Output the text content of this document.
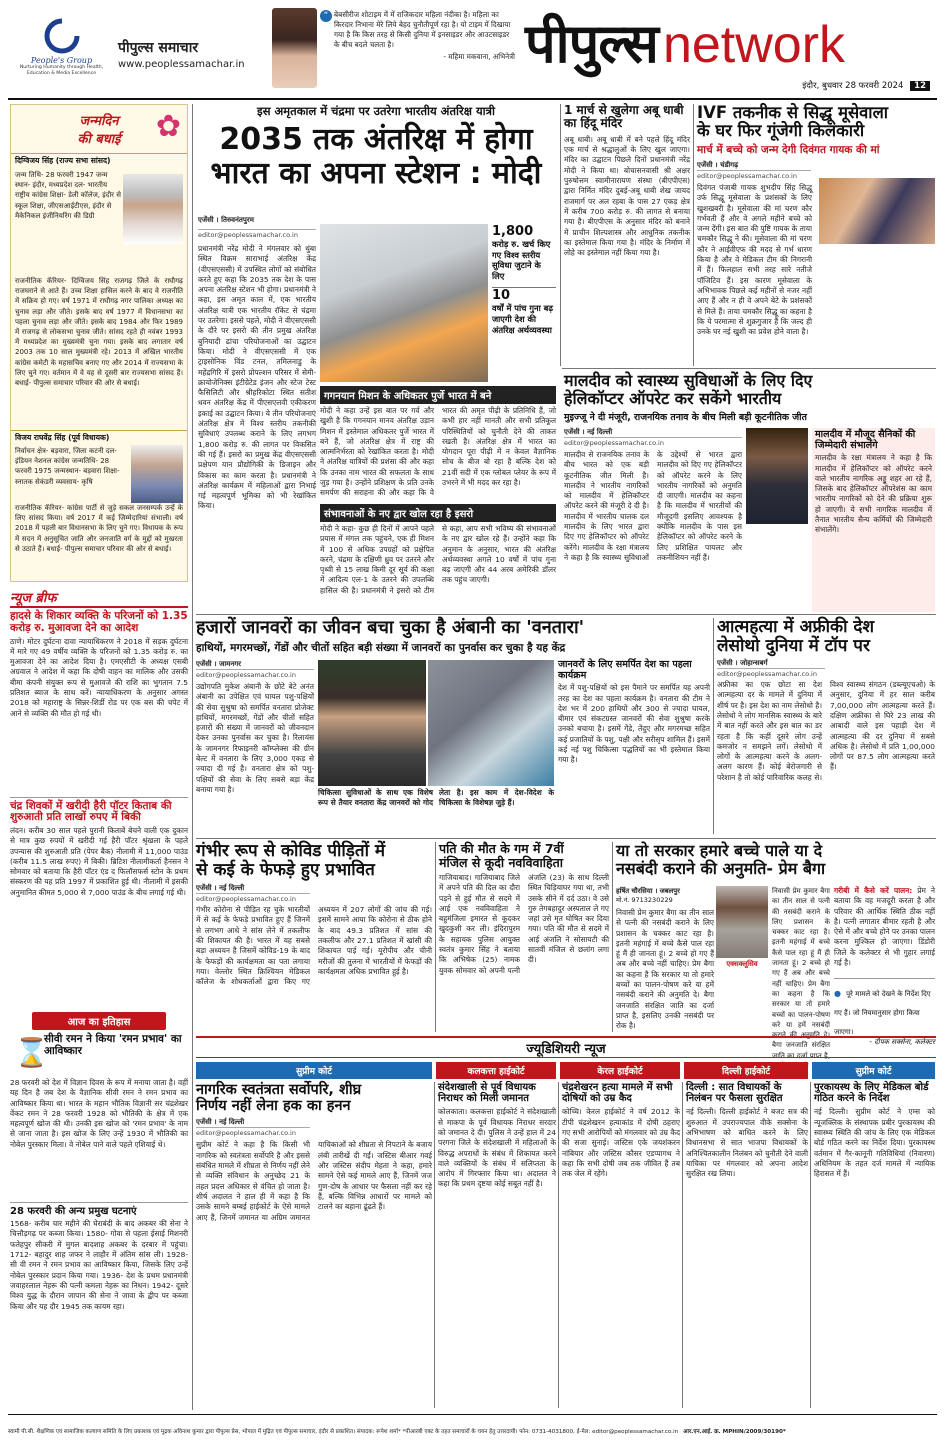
People's Group
Nurturing Humanity through Health, Education & Media Excellence
पीपुल्स समाचार
www.peoplessamachar.in
“ बेबसीरीज शोटाइम में में राजिकदार महिला नंदीका है। महिला का किरदार निभाना मेरे लिये बेहद चुनौतीपूर्ण रहा है। यो टाइम में दिखाया गया है कि किस तरह से किसी दुनिया में इनसाइडर और आउटसाइडर के बीच बदले चलता है।
- महिमा मकवाना, अभिनेत्री पीपुल्स network
इंदौर, बुधवार 28 फरवरी 2024 12
जन्मदिन
की बधाई	✿
दिग्विजय सिंह (राज्य सभा सांसद)
जन्म तिथि- 28 फरवरी 1947 जन्म स्थान- इंदौर, मध्यप्रदेश दल- भारतीय राष्ट्रीय कांग्रेस शिक्षा- डेली कॉलेज, इंदौर से स्कूल शिक्षा, जीएसआईटीएस, इंदौर से मैकेनिकल इंजीनियरिंग की डिग्री
राजनीतिक कॅरियर- दिग्विजय सिंह राजगढ़ जिले के राघौगढ़ राजघराने से आते हैं। उच्च शिक्षा हासिल करने के बाद वे राजनीति में सक्रिय हो गए। वर्ष 1971 में राघौगढ़ नगर पालिका अध्यक्ष का चुनाव लड़ा और जीते। इसके बाद वर्ष 1977 में विधानसभा का पहला चुनाव लड़ा और जीते। इसके बाद 1984 और फिर 1989 में राजगढ़ से लोकसभा चुनाव जीते। सांसद रहते ही नवंबर 1993 में मध्यप्रदेश का मुख्यमंत्री चुना गया। इसके बाद लगातार वर्ष 2003 तक 10 साल मुख्यमंत्री रहे। 2013 में अखिल भारतीय कांग्रेस कमेटी के महासचिव बनाए गए और 2014 में राज्यसभा के लिए चुने गए। वर्तमान में वे यह से दूसरी बार राज्यसभा सांसद हैं। बधाई- पीपुल्स समाचार परिवार की ओर से बधाई।
विजय राघवेंद्र सिंह (पूर्व विधायक)
निर्वाचन क्षेत्र- बड़वारा, जिला कटनी दल- इंडियन नेशनल कांग्रेस जन्मतिथि- 28 फरवरी 1975 जन्मस्थान- बड़वारा शिक्षा- स्नातक सेकंडरी व्यवसाय- कृषि
राजनीतिक कॅरियर- कांग्रेस पार्टी से जुड़े सकल जनसम्पर्क उन्हें के लिए सांसद किया। वर्ष 2017 में कई जिम्मेदारियां संभाली। वर्ष 2018 में पहली बार विधानसभा के लिए चुने गए। विधायक के रूप में सदन में अनुसूचित जाति और जनजाति वर्ग के मुद्दों को मुखरता से उठाते हैं। बधाई- पीपुल्स समाचार परिवार की ओर से बधाई।
न्यूज ब्रीफ
हादसे के शिकार व्यक्ति के परिजनों को 1.35 करोड़ रु. मुआवजा देने का आदेश
ठाणे। मोटर दुर्घटना दावा न्यायाधिकरण ने 2018 में सड़क दुर्घटना में मारे गए 49 वर्षीय व्यक्ति के परिजनों को 1.35 करोड़ रु. का मुआवजा देने का आदेश दिया है। एमएसीटी के अध्यक्ष एसबी अग्रवाल ने आदेश में कहा कि दोषी वाहन का मालिक और उसकी बीमा कंपनी संयुक्त रूप से मुआवजे की राशि का भुगतान 7.5 प्रतिशत ब्याज के साथ करें। न्यायाधिकरण के अनुसार अगस्त 2018 को महाराष्ट्र के सिन्नर-शिर्डी रोड पर एक बस की चपेट में आने से व्यक्ति की मौत हो गई थी।
चंद्र शिवकों में खरीदी हैरी पॉटर किताब की शुरुआती प्रति लाखों रुपए में बिकी
लंदन। करीब 30 साल पहले पुरानी किताबें बेचने वाली एक दुकान से मात्र कुछ रुपयों में खरीदी गई हैरी पॉटर श्रृंखला के पहले उपन्यास की शुरुआती प्रति (पेपर बैक) नीलामी में 11,000 पाउंड (करीब 11.5 लाख रुपए) में बिकी। ब्रिटिश नीलामीकर्ता हैनसन ने सोमवार को बताया कि हैरी पॉटर एंड द फिलॉसफर्स स्टोन के प्रथम संस्करण की यह प्रति 1997 में प्रकाशित हुई थी। नीलामी में इसकी अनुमानित कीमत 5,000 से 7,000 पाउंड के बीच लगाई गई थी।
आज का इतिहास
⌛
सीवी रमन ने किया 'रमन प्रभाव' का आविष्कार
28 फरवरी को देश में विज्ञान दिवस के रूप में मनाया जाता है। वहीं यह दिन है जब देश के वैज्ञानिक सीवी रमन ने रमन प्रभाव का आविष्कार किया था। भारत के महान भौतिक विज्ञानी सर चंद्रशेखर वेंकट रमन ने 28 फरवरी 1928 को भौतिकी के क्षेत्र में एक महत्वपूर्ण खोज की थी। उनकी इस खोज को 'रमन प्रभाव' के नाम से जाना जाता है। इस खोज के लिए उन्हें 1930 में भौतिकी का नोबेल पुरस्कार मिला। वे नोबेल पाने वाले पहले एशियाई थे।
28 फरवरी की अन्य प्रमुख घटनाएं
1568- करीब चार महीने की घेराबंदी के बाद अकबर की सेना ने चित्तौड़गढ़ पर कब्जा किया। 1580- गोवा से पहला ईसाई मिशनरी फतेहपुर सीकरी में मुगल बादशाह अकबर के दरबार में पहुंचा। 1712- बहादुर शाह जफर ने लाहौर में अंतिम सांस ली। 1928- सी वी रमन ने रमन प्रभाव का आविष्कार किया, जिसके लिए उन्हें नोबेल पुरस्कार प्रदान किया गया। 1936- देश के प्रथम प्रधानमंत्री जवाहरलाल नेहरू की पत्नी कमला नेहरू का निधन। 1942- दूसरे विश्व युद्ध के दौरान जापान की सेना ने जावा के द्वीप पर कब्जा किया और यह दौर 1945 तक कायम रहा।
इस अमृतकाल में चंद्रमा पर उतरेगा भारतीय अंतरिक्ष यात्री
2035 तक अंतरिक्ष में होगा
भारत का अपना स्टेशन : मोदी
एजेंसी । तिरुवनंतपुरम
editor@peoplessamachar.co.in
प्रधानमंत्री नरेंद्र मोदी ने मंगलवार को थुंबा स्थित विक्रम साराभाई अंतरिक्ष केंद्र (वीएसएससी) में उपस्थित लोगों को संबोधित करते हुए कहा कि 2035 तक देश के पास अपना अंतरिक्ष स्टेशन भी होगा। प्रधानमंत्री ने कहा, इस अमृत काल में, एक भारतीय अंतरिक्ष यात्री एक भारतीय रॉकेट से चंद्रमा पर उतरेगा। इससे पहले, मोदी ने वीएसएससी के दौरे पर इसरो की तीन प्रमुख अंतरिक्ष बुनियादी ढांचा परियोजनाओं का उद्घाटन किया। मोदी ने वीएसएससी में एक ट्राइसोनिक विंड टनल, तमिलनाडु के महेंद्रगिरि में इसरो प्रोपल्शन परिसर में सेमी-क्रायोजेनिक्स इंटीग्रेटेड इंजन और स्टेज टेस्ट फैसिलिटी और श्रीहरिकोटा स्थित सतीश धवन अंतरिक्ष केंद्र में पीएसएलवी एकीकरण इकाई का उद्घाटन किया। ये तीन परियोजनाएं अंतरिक्ष क्षेत्र में विश्व स्तरीय तकनीकी सुविधाएं उपलब्ध कराने के लिए लगभग 1,800 करोड़ रु. की लागत पर विकसित की गई हैं। इसरो का प्रमुख केंद्र वीएसएससी प्रक्षेपण यान प्रौद्योगिकी के डिजाइन और विकास का काम करता है। प्रधानमंत्री ने अंतरिक्ष कार्यक्रम में महिलाओं द्वारा निभाई गई महत्वपूर्ण भूमिका को भी रेखांकित किया।
1,800
करोड़ रु. खर्च किए गए विश्व स्तरीय सुविधा जुटाने के लिए
10
वर्षों में पांच गुना बढ़ जाएगी देश की अंतरिक्ष अर्थव्यवस्था
गगनयान मिशन के अधिकतर पुर्जे भारत में बने
मोदी ने कहा उन्हें इस बात पर गर्व और खुशी है कि गगनयान मानव अंतरिक्ष उड़ान मिशन में इस्तेमाल अधिकतर पुर्जे भारत में बने हैं, जो अंतरिक्ष क्षेत्र में राष्ट्र की आत्मनिर्भरता को रेखांकित करता है। मोदी ने अंतरिक्ष यात्रियों की प्रशंसा की और कहा कि उनका नाम भारत की सफलता के साथ जुड़ गया है। उन्होंने प्रशिक्षण के प्रति उनके समर्पण की सराहना की और कहा कि वे भारत की अमृत पीढ़ी के प्रतिनिधि हैं, जो कभी हार नहीं मानती और सभी प्रतिकूल परिस्थितियों को चुनौती देने की ताकत रखती है। अंतरिक्ष क्षेत्र में भारत का योगदान पूरा पीढ़ी में न केवल वैज्ञानिक सोच के बीज बो रहा है बल्कि देश को 21वीं सदी में एक ग्लोबल प्लेयर के रूप में उभरने में भी मदद कर रहा है।
संभावनाओं के नए द्वार खोल रहा है इसरो
मोदी ने कहा- कुछ ही दिनों में आपने पहले प्रयास में मंगल तक पहुंचने, एक ही मिशन में 100 से अधिक उपग्रहों को प्रक्षेपित करने, चंद्रमा के दक्षिणी ध्रुव पर उतरने और पृथ्वी से 15 लाख किमी दूर सूर्य की कक्षा में आदित्य एल-1 के उतरने की उपलब्धि हासिल की है। प्रधानमंत्री ने इसरो को टीम से कहा, आप सभी भविष्य की संभावनाओं के नए द्वार खोल रहे हैं। उन्होंने कहा कि अनुमान के अनुसार, भारत की अंतरिक्ष अर्थव्यवस्था अगले 10 वर्षों में पांच गुना बढ़ जाएगी और 44 अरब अमेरिकी डॉलर तक पहुंच जाएगी।
1 मार्च से खुलेगा अबू धाबी का हिंदू मंदिर
अबू धाबी। अबू धाबी में बने पहले हिंदू मंदिर एक मार्च से श्रद्धालुओं के लिए खुल जाएगा। मंदिर का उद्घाटन पिछले दिनों प्रधानमंत्री नरेंद्र मोदी ने किया था। बोचासनवासी श्री अक्षर पुरुषोत्तम स्वामीनारायण संस्था (बीएपीएस) द्वारा निर्मित मंदिर दुबई-अबू धाबी शेख जायद राजमार्ग पर अल रहबा के पास 27 एकड़ क्षेत्र में करीब 700 करोड़ रु. की लागत से बनाया गया है। बीएपीएस के अनुसार मंदिर को बनाने में प्राचीन शिल्पशास्त्र और आधुनिक तकनीक का इस्तेमाल किया गया है। मंदिर के निर्माण में लोहे का इस्तेमाल नहीं किया गया है।
IVF तकनीक से सिद्धू मूसेवाला
के घर फिर गूंजेगी किलकारी
मार्च में बच्चे को जन्म देगी दिवंगत गायक की मां
एजेंसी । चंडीगढ़
editor@peoplessamachar.co.in
दिवंगत पंजाबी गायक शुभदीप सिंह सिद्धू उर्फ सिद्धू मूसेवाला के प्रशंसकों के लिए खुशखबरी है। मूसेवाला की मां चरण कौर गर्भवती हैं और वे अगले महीने बच्चे को जन्म देंगी। इस बात की पुष्टि गायक के ताया चमकौर सिद्धू ने की। मूसेवाला की मां चरण कौर ने आईवीएफ की मदद से गर्भ धारण किया है और वे मेडिकल टीम की निगरानी में हैं। फिलहाल सभी तरह सारे नतीजे पॉजिटिव हैं। इस कारण मूसेवाला के अभिभावक पिछले कई महीनों से नजर नहीं आए हैं और न ही वे अपने बेटे के प्रशंसकों से मिले हैं। ताया चमकौर सिद्धू का कहना है कि ये परमात्मा से शुक्रगुजार हैं कि जल्द ही उनके घर नई खुशी का प्रवेश होने वाला है।
मालदीव को स्वास्थ्य सुविधाओं के लिए दिए
हेलिकॉप्टर ऑपरेट कर सकेंगे भारतीय
मुइज्जू ने दी मंजूरी, राजनयिक तनाव के बीच मिली बड़ी कूटनीतिक जीत
एजेंसी । नई दिल्ली
editor@peoplessamachar.co.in
मालदीव से राजनयिक तनाव के बीच भारत को एक बड़ी कूटनीतिक जीत मिली है। मालदीव ने भारतीय नागरिकों को मालदीव में हेलिकॉप्टर ऑपरेट करने की मंजूरी दे दी है। मालदीव में भारतीय चालक दल मालदीव के लिए भारत द्वारा दिए गए हेलिकॉप्टर को ऑपरेट करेंगे। मालदीव के रक्षा मंत्रालय ने कहा है कि स्वास्थ्य सुविधाओं के उद्देश्यों से भारत द्वारा मालदीव को दिए गए हेलिकॉप्टर को ऑपरेट करने के लिए भारतीय नागरिकों को अनुमति दी जाएगी। मालदीव का कहना है कि मालदीव में भारतीयों की मौजूदगी इसलिए आवश्यक है क्योंकि मालदीव के पास इस हेलिकॉप्टर को ऑपरेट करने के लिए प्रशिक्षित पायलट और तकनीशियन नहीं हैं।
मालदीव में मौजूद सैनिकों की जिम्मेदारी संभालेंगे
मालदीव के रक्षा मंत्रालय ने कहा है कि मालदीव में हेलिकॉप्टर को ऑपरेट करने वाले भारतीय नागरिक अड्डू शहर आ रहे हैं, जिसके बाद हेलिकॉप्टर ऑपरेशंस का काम भारतीय नागरिकों को देने की प्रक्रिया शुरू हो जाएगी। ये सभी नागरिक मालदीव में तैनात भारतीय सैन्य कर्मियों की जिम्मेदारी संभालेंगे।
हजारों जानवरों का जीवन बचा चुका है अंबानी का 'वनतारा'
हाथियों, मगरमच्छों, गेंडों और चीतों सहित बड़ी संख्या में जानवरों का पुनर्वास कर चुका है यह केंद्र
एजेंसी । जामनगर
editor@peoplessamachar.co.in
उद्योगपति मुकेश अंबानी के छोटे बेटे अनंत अंबानी का उपेक्षित एवं घायल पशु-पक्षियों की सेवा सुश्रुषा को समर्पित वनतारा प्रोजेक्ट हाथियों, मगरमच्छों, गेंडों और चीतों सहित हजारों की संख्या में जानवरों को जीवनदान देकर उनका पुनर्वास कर चुका है। रिलायंस के जामनगर रिफाइनरी कॉम्प्लेक्स की ग्रीन बेल्ट में वनतारा के लिए 3,000 एकड़ से ज्यादा दी गई है। वनतारा क्षेत्र को पशु-पक्षियों की सेवा के लिए सबसे बड़ा केंद्र बनाया गया है।	चिकित्सा सुविधाओं के साथ एक विशेष रूप से तैयार वनतारा केंद्र जानवरों को गोद लेता है। इस काम में देश-विदेश के चिकित्सा के विशेषज्ञ जुड़े हैं।
जानवरों के लिए समर्पित देश का पहला कार्यक्रम
देश में पशु-पक्षियों को इस पैमाने पर समर्पित यह अपनी तरह का देश का पहला कार्यक्रम है। वनतारा की टीम ने देश भर में 200 हाथियों और 300 से ज्यादा घायल, बीमार एवं संकटग्रस्त जानवरों की सेवा शुश्रुषा करके उनको बचाया है। इसमें गेंडे, तेंदुए और मगरमच्छ सहित कई प्रजातियों के पशु, पक्षी और सरीसृप शामिल हैं। इसमें कई नई पशु चिकित्सा पद्धतियों का भी इस्तेमाल किया गया है।
आत्महत्या में अफ्रीकी देश
लेसोथो दुनिया में टॉप पर
एजेंसी । जोहान्सबर्ग
editor@peoplessamachar.co.in
अफ्रीका का एक छोटा सा देश आत्महत्या दर के मामले में दुनिया में शीर्ष पर है। इस देश का नाम लेसोथो है। लेसोथो ने लोग मानसिक स्वास्थ्य के बारे में बात नहीं करते और इस बात का डर रहता है कि कहीं दूसरे लोग उन्हें कमजोर न समझने लगें। लेसोथो में लोगों के आत्महत्या करने के अलग-अलग कारण हैं। कोई बेरोजगारी से परेशान है तो कोई पारिवारिक कलह से। विश्व स्वास्थ्य संगठन (डब्ल्यूएचओ) के अनुसार, दुनिया में हर साल करीब 7,00,000 लोग आत्महत्या करते हैं। दक्षिण अफ्रीका से घिरे 23 लाख की आबादी वाले इस पहाड़ी देश में आत्महत्या की दर दुनिया में सबसे अधिक है। लेसोथो में प्रति 1,00,000 लोगों पर 87.5 लोग आत्महत्या करते हैं।
गंभीर रूप से कोविड पीड़ितों में
से कई के फेफड़े हुए प्रभावित
एजेंसी । नई दिल्ली
editor@peoplessamachar.co.in
गंभीर कोरोना से पीड़ित रह चुके भारतीयों में से कई के फेफड़े प्रभावित हुए हैं जिनमें से लगभग आधे ने सांस लेने में तकलीफ की शिकायत की है। भारत में यह सबसे बड़ा अध्ययन है जिसमें कोविड-19 के बाद के फेफड़ों की कार्यक्षमता का पता लगाया गया। वेल्लोर स्थित क्रिश्चियन मेडिकल कॉलेज के शोधकर्ताओं द्वारा किए गए अध्ययन में 207 लोगों की जांच की गई। इसमें सामने आया कि कोरोना से ठीक होने के बाद 49.3 प्रतिशत में सांस की तकलीफ और 27.1 प्रतिशत में खांसी की शिकायत पाई गई। यूरोपीय और चीनी मरीजों की तुलना में भारतीयों में फेफड़ों की कार्यक्षमता अधिक प्रभावित हुई है।
पति की मौत के गम में 7वीं
मंजिल से कूदी नवविवाहिता
गाजियाबाद। गाजियाबाद जिले में अपने पति की दिल का दौरा पड़ने से हुई मौत से सदमे में आई एक नवविवाहिता ने बहुमंजिला इमारत से कूदकर खुदकुशी कर ली। इंदिरापुरम के सहायक पुलिस आयुक्त स्वतंत्र कुमार सिंह ने बताया कि अभिषेक (25) नामक युवक सोमवार को अपनी पत्नी अंजलि (23) के साथ दिल्ली स्थित चिड़ियाघर गया था, तभी उसके सीने में दर्द उठा। वे उसे गुरु तेगबहादुर अस्पताल ले गए जहां उसे मृत घोषित कर दिया गया। पति की मौत से सदमे में आई अंजलि ने सोसायटी की सातवीं मंजिल से छलांग लगा दी।
या तो सरकार हमारे बच्चे पाले या दे
नसबंदी कराने की अनुमति- प्रेम बैगा
हर्षित चौरसिया । जबलपुर
मो.नं. 9713230229
एक्सक्लूसिव
निवासी प्रेम कुमार बैगा का तीन साल से पत्नी की नसबंदी कराने के लिए प्रशासन के चक्कर काट रहा है। इतनी महंगाई में बच्चे कैसे पाल रहा हूं मैं ही जानता हूं। 2 बच्चे हो गए हैं अब और बच्चे नहीं चाहिए। प्रेम बैगा का कहना है कि सरकार या तो हमारे बच्चों का पालन-पोषण करे या हमें नसबंदी कराने की अनुमति दे। बैगा जनजाति संरक्षित जाति का दर्जा प्राप्त है, इसलिए उनकी नसबंदी पर रोक है।
निवासी प्रेम कुमार बैगा का तीन साल से पत्नी की नसबंदी कराने के लिए प्रशासन के चक्कर काट रहा है। इतनी महंगाई में बच्चे कैसे पाल रहा हूं मैं ही जानता हूं। 2 बच्चे हो गए हैं अब और बच्चे नहीं चाहिए। प्रेम बैगा का कहना है कि सरकार या तो हमारे बच्चों का पालन-पोषण करे या हमें नसबंदी कराने की अनुमति दे। बैगा जनजाति संरक्षित जाति का दर्जा प्राप्त है,
गरीबी में कैसे करें पालन: प्रेम ने बताया कि वह मजदूरी करता है और परिवार की आर्थिक स्थिति ठीक नहीं है। पत्नी लगातार बीमार रहती है और ऐसे में और बच्चे होने पर उनका पालन करना मुश्किल हो जाएगा। डिंडोरी जिले के कलेक्टर से भी गुहार लगाई गई है।
● पूरे मामले को देखने के निर्देश दिए गए हैं। जो नियमानुसार होगा किया जाएगा।
- दीपक सक्सेना, कलेक्टर
ज्यूडिशियरी न्यूज
सुप्रीम कोर्ट	कलकत्ता हाईकोर्ट	केरल हाईकोर्ट	दिल्ली हाईकोर्ट	सुप्रीम कोर्ट
नागरिक स्वतंत्रता सर्वोपरि, शीघ्र
निर्णय नहीं लेना हक का हनन
एजेंसी । नई दिल्ली
editor@peoplessamachar.co.in
सुप्रीम कोर्ट ने कहा है कि किसी भी नागरिक को स्वतंत्रता सर्वोपरि है और इससे संबंधित मामले में शीघ्रता से निर्णय नहीं लेने से व्यक्ति संविधान के अनुच्छेद 21 के तहत प्रदत्त अधिकार से वंचित हो जाता है। शीर्ष अदालत ने हाल ही में कहा है कि उसके सामने बम्बई हाईकोर्ट के ऐसे मामले आए हैं, जिनमें जमानत या अग्रिम जमानत याचिकाओं को शीघ्रता से निपटाने के बजाय लंबी तारीखें दी गईं। जस्टिस बीआर गवई और जस्टिस संदीप मेहता ने कहा, हमारे सामने ऐसे कई मामले आए हैं, जिनमें जज गुण-दोष के आधार पर फैसला नहीं कर रहे हैं, बल्कि विभिन्न आधारों पर मामले को टालने का बहाना ढूंढते हैं।
संदेशखाली से पूर्व विधायक निराधर को मिली जमानत
कोलकाता। कलकत्ता हाईकोर्ट ने संदेशखाली से माकपा के पूर्व विधायक निराधर सरदार को जमानत दे दी। पुलिस ने उन्हें हाल में 24 परगना जिले के संदेशखाली में महिलाओं के विरुद्ध अपराधों के संबंध में शिकायत करने वाले व्यक्तियों के संबंध में सलिप्तता के आरोप में गिरफ्तार किया था। अदालत ने कहा कि प्रथम दृष्टया कोई सबूत नहीं है।
चंद्रशेखरन हत्या मामले में सभी दोषियों को उम्र कैद
कोच्चि। केरल हाईकोर्ट ने वर्ष 2012 के टीपी चंद्रशेखरन हत्याकांड में दोषी ठहराए गए सभी आरोपियों को मंगलवार को उम्र कैद की सजा सुनाई। जस्टिस एके जयशंकरन नांबियार और जस्टिस कौसर एडप्पागथ ने कहा कि सभी दोषी जब तक जीवित हैं तब तक जेल में रहेंगे।
दिल्ली : सात विधायकों के निलंबन पर फैसला सुरक्षित
नई दिल्ली। दिल्ली हाईकोर्ट ने बजट सत्र की शुरुआत में उपराज्यपाल वीके सक्सेना के अभिभाषण को बाधित करने के लिए विधानसभा से सात भाजपा विधायकों के अनिश्चितकालीन निलंबन को चुनौती देने वाली याचिका पर मंगलवार को अपना आदेश सुरक्षित रख लिया।
पुरकायस्थ के लिए मेडिकल बोर्ड गठित करने के निर्देश
नई दिल्ली। सुप्रीम कोर्ट ने एम्स को न्यूजक्लिक के संस्थापक प्रबीर पुरकायस्थ की स्वास्थ्य स्थिति की जांच के लिए एक मेडिकल बोर्ड गठित करने का निर्देश दिया। पुरकायस्थ वर्तमान में गैर-कानूनी गतिविधियां (निवारण) अधिनियम के तहत दर्ज मामले में न्यायिक हिरासत में हैं।
स्वामी पी.सी. शैक्षणिक एवं सामाजिक कल्याण समिति के लिए प्रकाशक एवं मुद्रक अविनाश कुमार द्वारा पीपुल्स प्रेस, भोपाल में मुद्रित एवं पीपुल्स समाचार, इंदौर से प्रकाशित। संपादक: रूपेश शर्मा* *पीआरबी एक्ट के तहत समाचारों के चयन हेतु उत्तरदायी। फोन: 0731-4031800, ई-मेल: editor@peoplessamachar.co.in आर.एन.आई. क्र. MPHIN/2009/30190*
